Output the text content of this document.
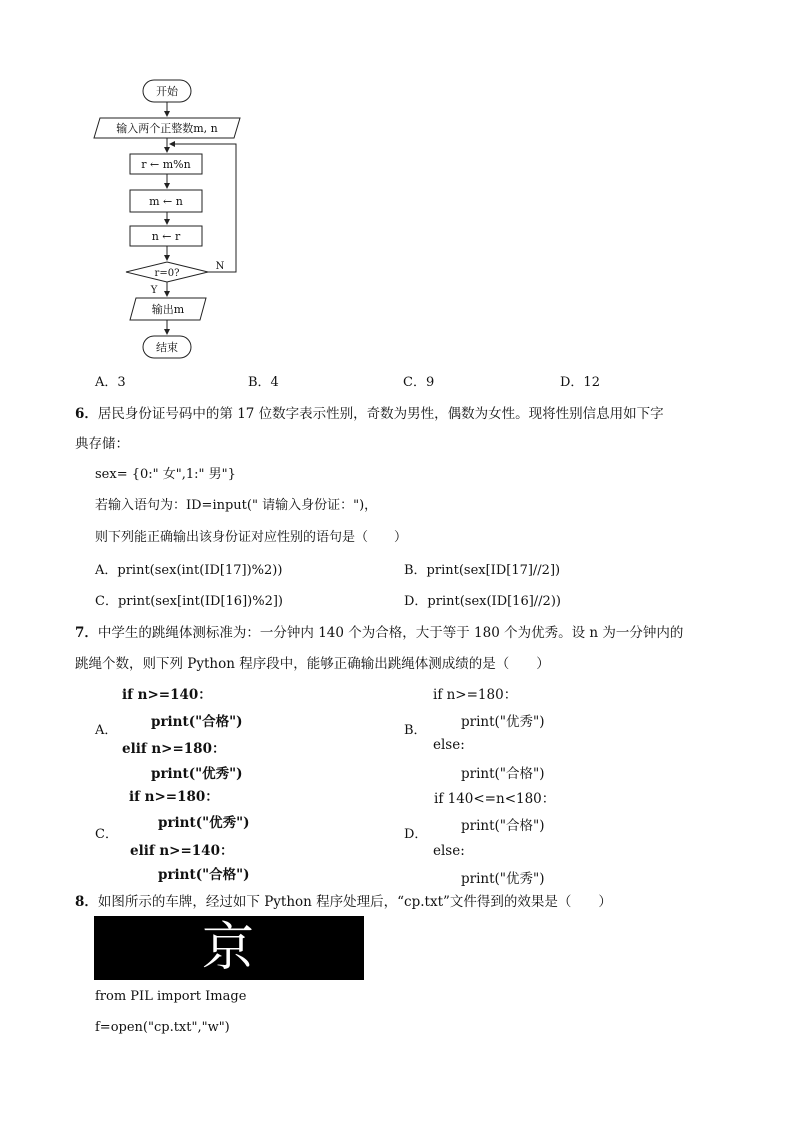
开始
输入两个正整数m, n
r ← m%n
m ← n
n ← r
r=0?
N
Y
输出m
结束
A．3	B．4	C．9	D．12
6．居民身份证号码中的第 17 位数字表示性别，奇数为男性，偶数为女性。现将性别信息用如下字
典存储：
sex= {0:" 女",1:" 男"}
若输入语句为：ID=input(" 请输入身份证：")，
则下列能正确输出该身份证对应性别的语句是（　　）
A．print(sex(int(ID[17])%2))	B．print(sex[ID[17]//2])
C．print(sex[int(ID[16])%2])	D．print(sex(ID[16]//2))
7．中学生的跳绳体测标准为：一分钟内 140 个为合格，大于等于 180 个为优秀。设 n 为一分钟内的
跳绳个数，则下列 Python 程序段中，能够正确输出跳绳体测成绩的是（　　）
A．
if n>=140：
print("合格")
elif n>=180：
print("优秀")
B．
if n>=180：
print("优秀")
else:
print("合格")
C．
if n>=180：
print("优秀")
elif n>=140：
print("合格")
D．
if 140<=n<180：
print("合格")
else:
print("优秀")
8．如图所示的车牌，经过如下 Python 程序处理后，“cp.txt”文件得到的效果是（　　）
京
from PIL import Image
f=open("cp.txt","w")
